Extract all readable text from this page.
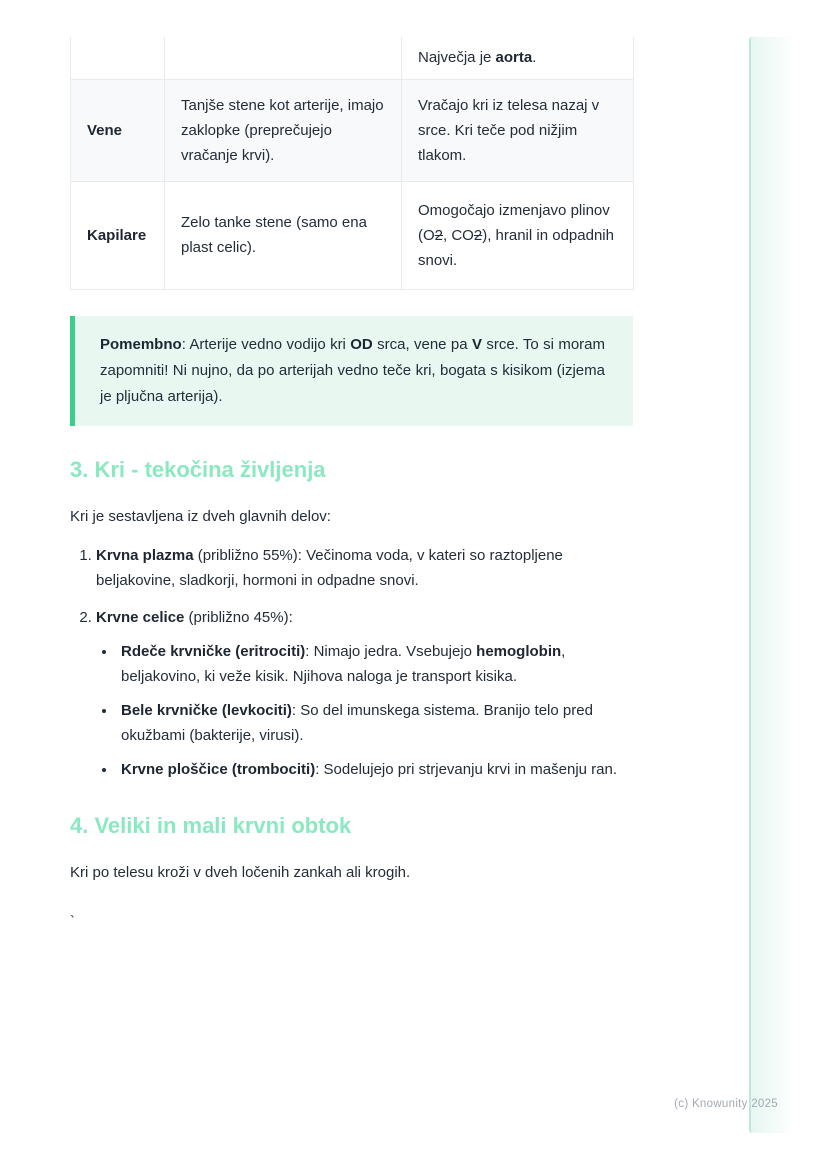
		Največja je aorta.
Vene	Tanjše stene kot arterije, imajo zaklopke (preprečujejo vračanje krvi).	Vračajo kri iz telesa nazaj v srce. Kri teče pod nižjim tlakom.
Kapilare	Zelo tanke stene (samo ena plast celic).	Omogočajo izmenjavo plinov (O2, CO2), hranil in odpadnih snovi.

Pomembno: Arterije vedno vodijo kri OD srca, vene pa V srce. To si moram zapomniti! Ni nujno, da po arterijah vedno teče kri, bogata s kisikom (izjema je pljučna arterija).

3. Kri - tekočina življenja

Kri je sestavljena iz dveh glavnih delov:

1. Krvna plazma (približno 55%): Večinoma voda, v kateri so raztopljene beljakovine, sladkorji, hormoni in odpadne snovi.
2. Krvne celice (približno 45%):
• Rdeče krvničke (eritrociti): Nimajo jedra. Vsebujejo hemoglobin, beljakovino, ki veže kisik. Njihova naloga je transport kisika.
• Bele krvničke (levkociti): So del imunskega sistema. Branijo telo pred okužbami (bakterije, virusi).
• Krvne ploščice (trombociti): Sodelujejo pri strjevanju krvi in mašenju ran.
4. Veliki in mali krvni obtok

Kri po telesu kroži v dveh ločenih zankah ali krogih.

`

(c) Knowunity 2025
